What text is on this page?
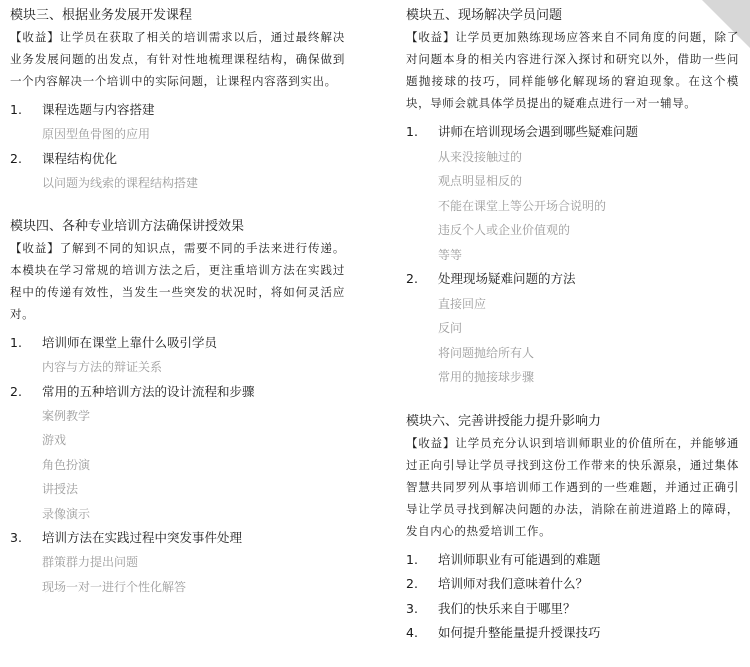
模块三、根据业务发展开发课程

【收益】让学员在获取了相关的培训需求以后，通过最终解决业务发展问题的出发点，有针对性地梳理课程结构，确保做到一个内容解决一个培训中的实际问题，让课程内容落到实出。

1.	课程选题与内容搭建
原因型鱼骨图的应用
2.	课程结构优化
以问题为线索的课程结构搭建
模块四、各种专业培训方法确保讲授效果

【收益】了解到不同的知识点，需要不同的手法来进行传递。本模块在学习常规的培训方法之后，更注重培训方法在实践过程中的传递有效性，当发生一些突发的状况时，将如何灵活应对。

1.	培训师在课堂上靠什么吸引学员
内容与方法的辩证关系
2.	常用的五种培训方法的设计流程和步骤
案例教学
游戏
角色扮演
讲授法
录像演示
3.	培训方法在实践过程中突发事件处理
群策群力提出问题
现场一对一进行个性化解答
模块五、现场解决学员问题

【收益】让学员更加熟练现场应答来自不同角度的问题，除了对问题本身的相关内容进行深入探讨和研究以外，借助一些问题抛接球的技巧，同样能够化解现场的窘迫现象。在这个模块，导师会就具体学员提出的疑难点进行一对一辅导。

1.	讲师在培训现场会遇到哪些疑难问题
从来没接触过的
观点明显相反的
不能在课堂上等公开场合说明的
违反个人或企业价值观的
等等
2.	处理现场疑难问题的方法
直接回应
反问
将问题抛给所有人
常用的抛接球步骤
模块六、完善讲授能力提升影响力

【收益】让学员充分认识到培训师职业的价值所在，并能够通过正向引导让学员寻找到这份工作带来的快乐源泉，通过集体智慧共同罗列从事培训师工作遇到的一些难题，并通过正确引导让学员寻找到解决问题的办法，消除在前进道路上的障碍，发自内心的热爱培训工作。

1.	培训师职业有可能遇到的难题
2.	培训师对我们意味着什么？
3.	我们的快乐来自于哪里？
4.	如何提升整能量提升授课技巧
